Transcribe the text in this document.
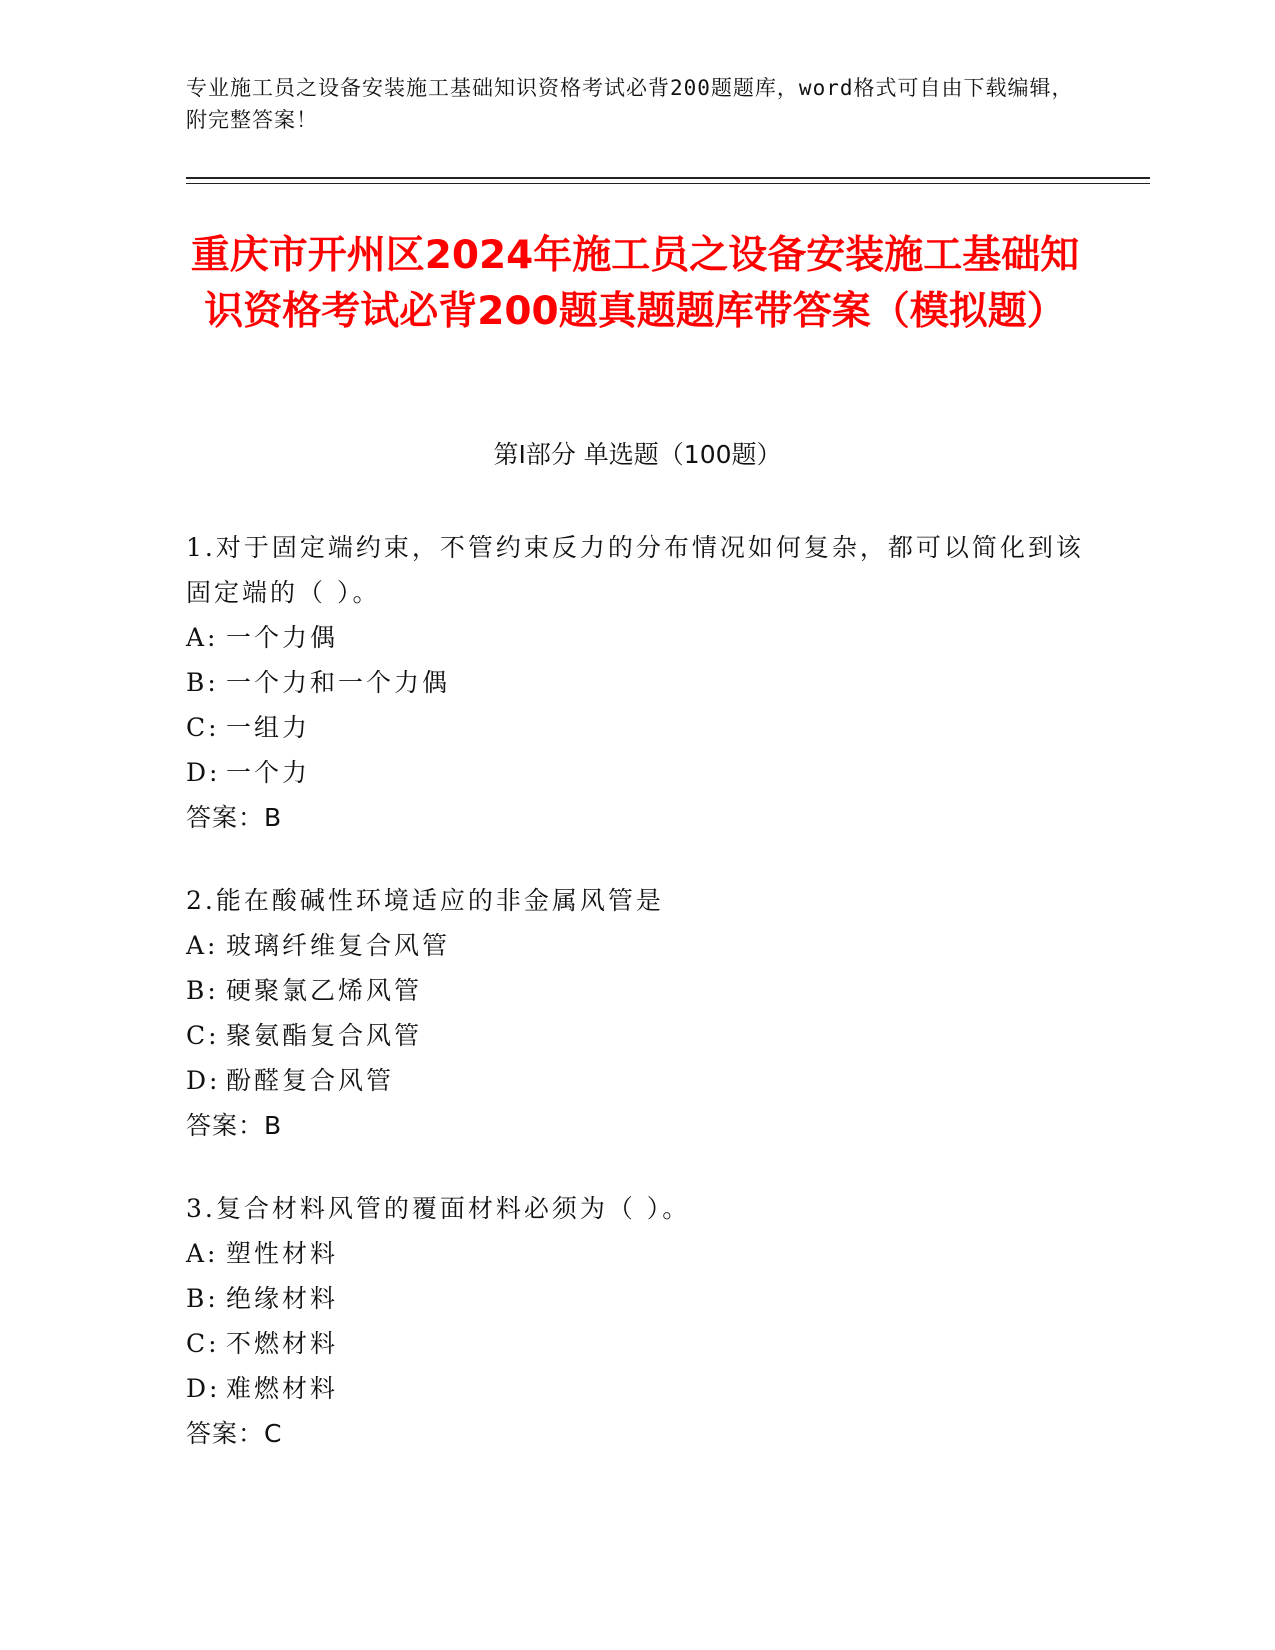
专业施工员之设备安装施工基础知识资格考试必背200题题库，word格式可自由下载编辑，附完整答案！
重庆市开州区2024年施工员之设备安装施工基础知识资格考试必背200题真题题库带答案（模拟题）
第Ⅰ部分 单选题（100题）
1.对于固定端约束，不管约束反力的分布情况如何复杂，都可以简化到该固定端的（ ）。
A: 一个力偶
B: 一个力和一个力偶
C: 一组力
D: 一个力
答案：B
2.能在酸碱性环境适应的非金属风管是
A: 玻璃纤维复合风管
B: 硬聚氯乙烯风管
C: 聚氨酯复合风管
D: 酚醛复合风管
答案：B
3.复合材料风管的覆面材料必须为（ ）。
A: 塑性材料
B: 绝缘材料
C: 不燃材料
D: 难燃材料
答案：C
